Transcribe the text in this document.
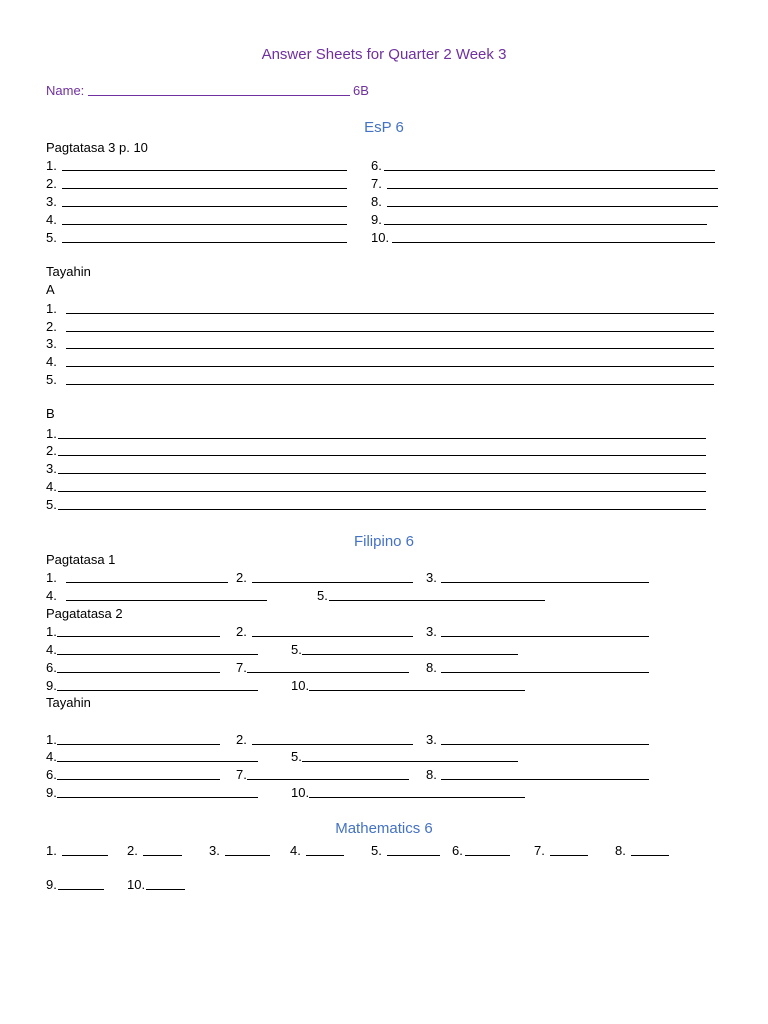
Answer Sheets for Quarter 2 Week 3
Name:	6B
EsP 6
Pagtatasa 3 p. 10
1.
2.
3.
4.
5.
6.
7.
8.
9.
10.
Tayahin
A
1.
2.
3.
4.
5.
B
1.
2.
3.
4.
5.
Filipino 6
Pagtatasa 1
1.	2.	3.
4.	5.
Pagatatasa 2
1.	2.	3.
4.	5.
6.	7.	8.
9.	10.
Tayahin
1.	2.	3.
4.	5.
6.	7.	8.
9.	10.
Mathematics 6
1.	2.	3.	4.	5.	6.	7.	8.
9.	10.
